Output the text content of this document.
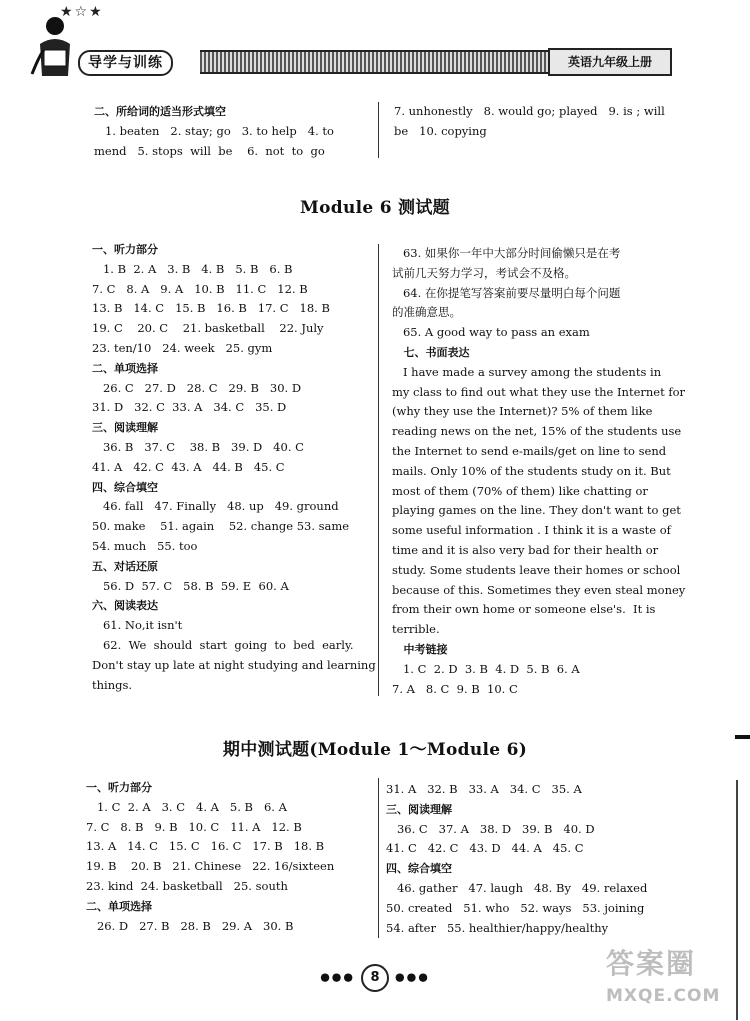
★☆★
导学与训练	英语九年级上册
二、所给词的适当形式填空
1. beaten   2. stay; go   3. to help   4. to
mend   5. stops  will  be    6.  not  to  go
7. unhonestly   8. would go; played   9. is ; will
be   10. copying
Module 6 测试题
一、听力部分
1. B  2. A   3. B   4. B   5. B   6. B
7. C   8. A   9. A   10. B   11. C   12. B
13. B   14. C   15. B   16. B   17. C   18. B
19. C    20. C    21. basketball    22. July
23. ten/10   24. week   25. gym
二、单项选择
26. C   27. D   28. C   29. B   30. D
31. D   32. C  33. A   34. C   35. D
三、阅读理解
36. B   37. C    38. B   39. D   40. C
41. A   42. C  43. A   44. B   45. C
四、综合填空
46. fall   47. Finally   48. up   49. ground
50. make    51. again    52. change 53. same
54. much   55. too
五、对话还原
56. D  57. C   58. B  59. E  60. A
六、阅读表达
61. No,it isn't
62.  We  should  start  going  to  bed  early.
Don't stay up late at night studying and learning
things.
63. 如果你一年中大部分时间偷懒只是在考
试前几天努力学习，考试会不及格。
64. 在你提笔写答案前要尽量明白每个问题
的准确意思。
65. A good way to pass an exam
七、书面表达
I have made a survey among the students in
my class to find out what they use the Internet for
(why they use the Internet)? 5% of them like
reading news on the net, 15% of the students use
the Internet to send e-mails/get on line to send
mails. Only 10% of the students study on it. But
most of them (70% of them) like chatting or
playing games on the line. They don't want to get
some useful information . I think it is a waste of
time and it is also very bad for their health or
study. Some students leave their homes or school
because of this. Sometimes they even steal money
from their own home or someone else's.  It is
terrible.
中考链接
1. C  2. D  3. B  4. D  5. B  6. A
7. A   8. C  9. B  10. C
期中测试题(Module 1～Module 6)
一、听力部分
1. C  2. A   3. C   4. A   5. B   6. A
7. C   8. B   9. B   10. C   11. A   12. B
13. A   14. C   15. C   16. C   17. B   18. B
19. B    20. B   21. Chinese   22. 16/sixteen
23. kind  24. basketball   25. south
二、单项选择
26. D   27. B   28. B   29. A   30. B
31. A   32. B   33. A   34. C   35. A
三、阅读理解
36. C   37. A   38. D   39. B   40. D
41. C   42. C   43. D   44. A   45. C
四、综合填空
46. gather   47. laugh   48. By   49. relaxed
50. created   51. who   52. ways   53. joining
54. after   55. healthier/happy/healthy
●●● 8 ●●●	答案圈
MXQE.COM
